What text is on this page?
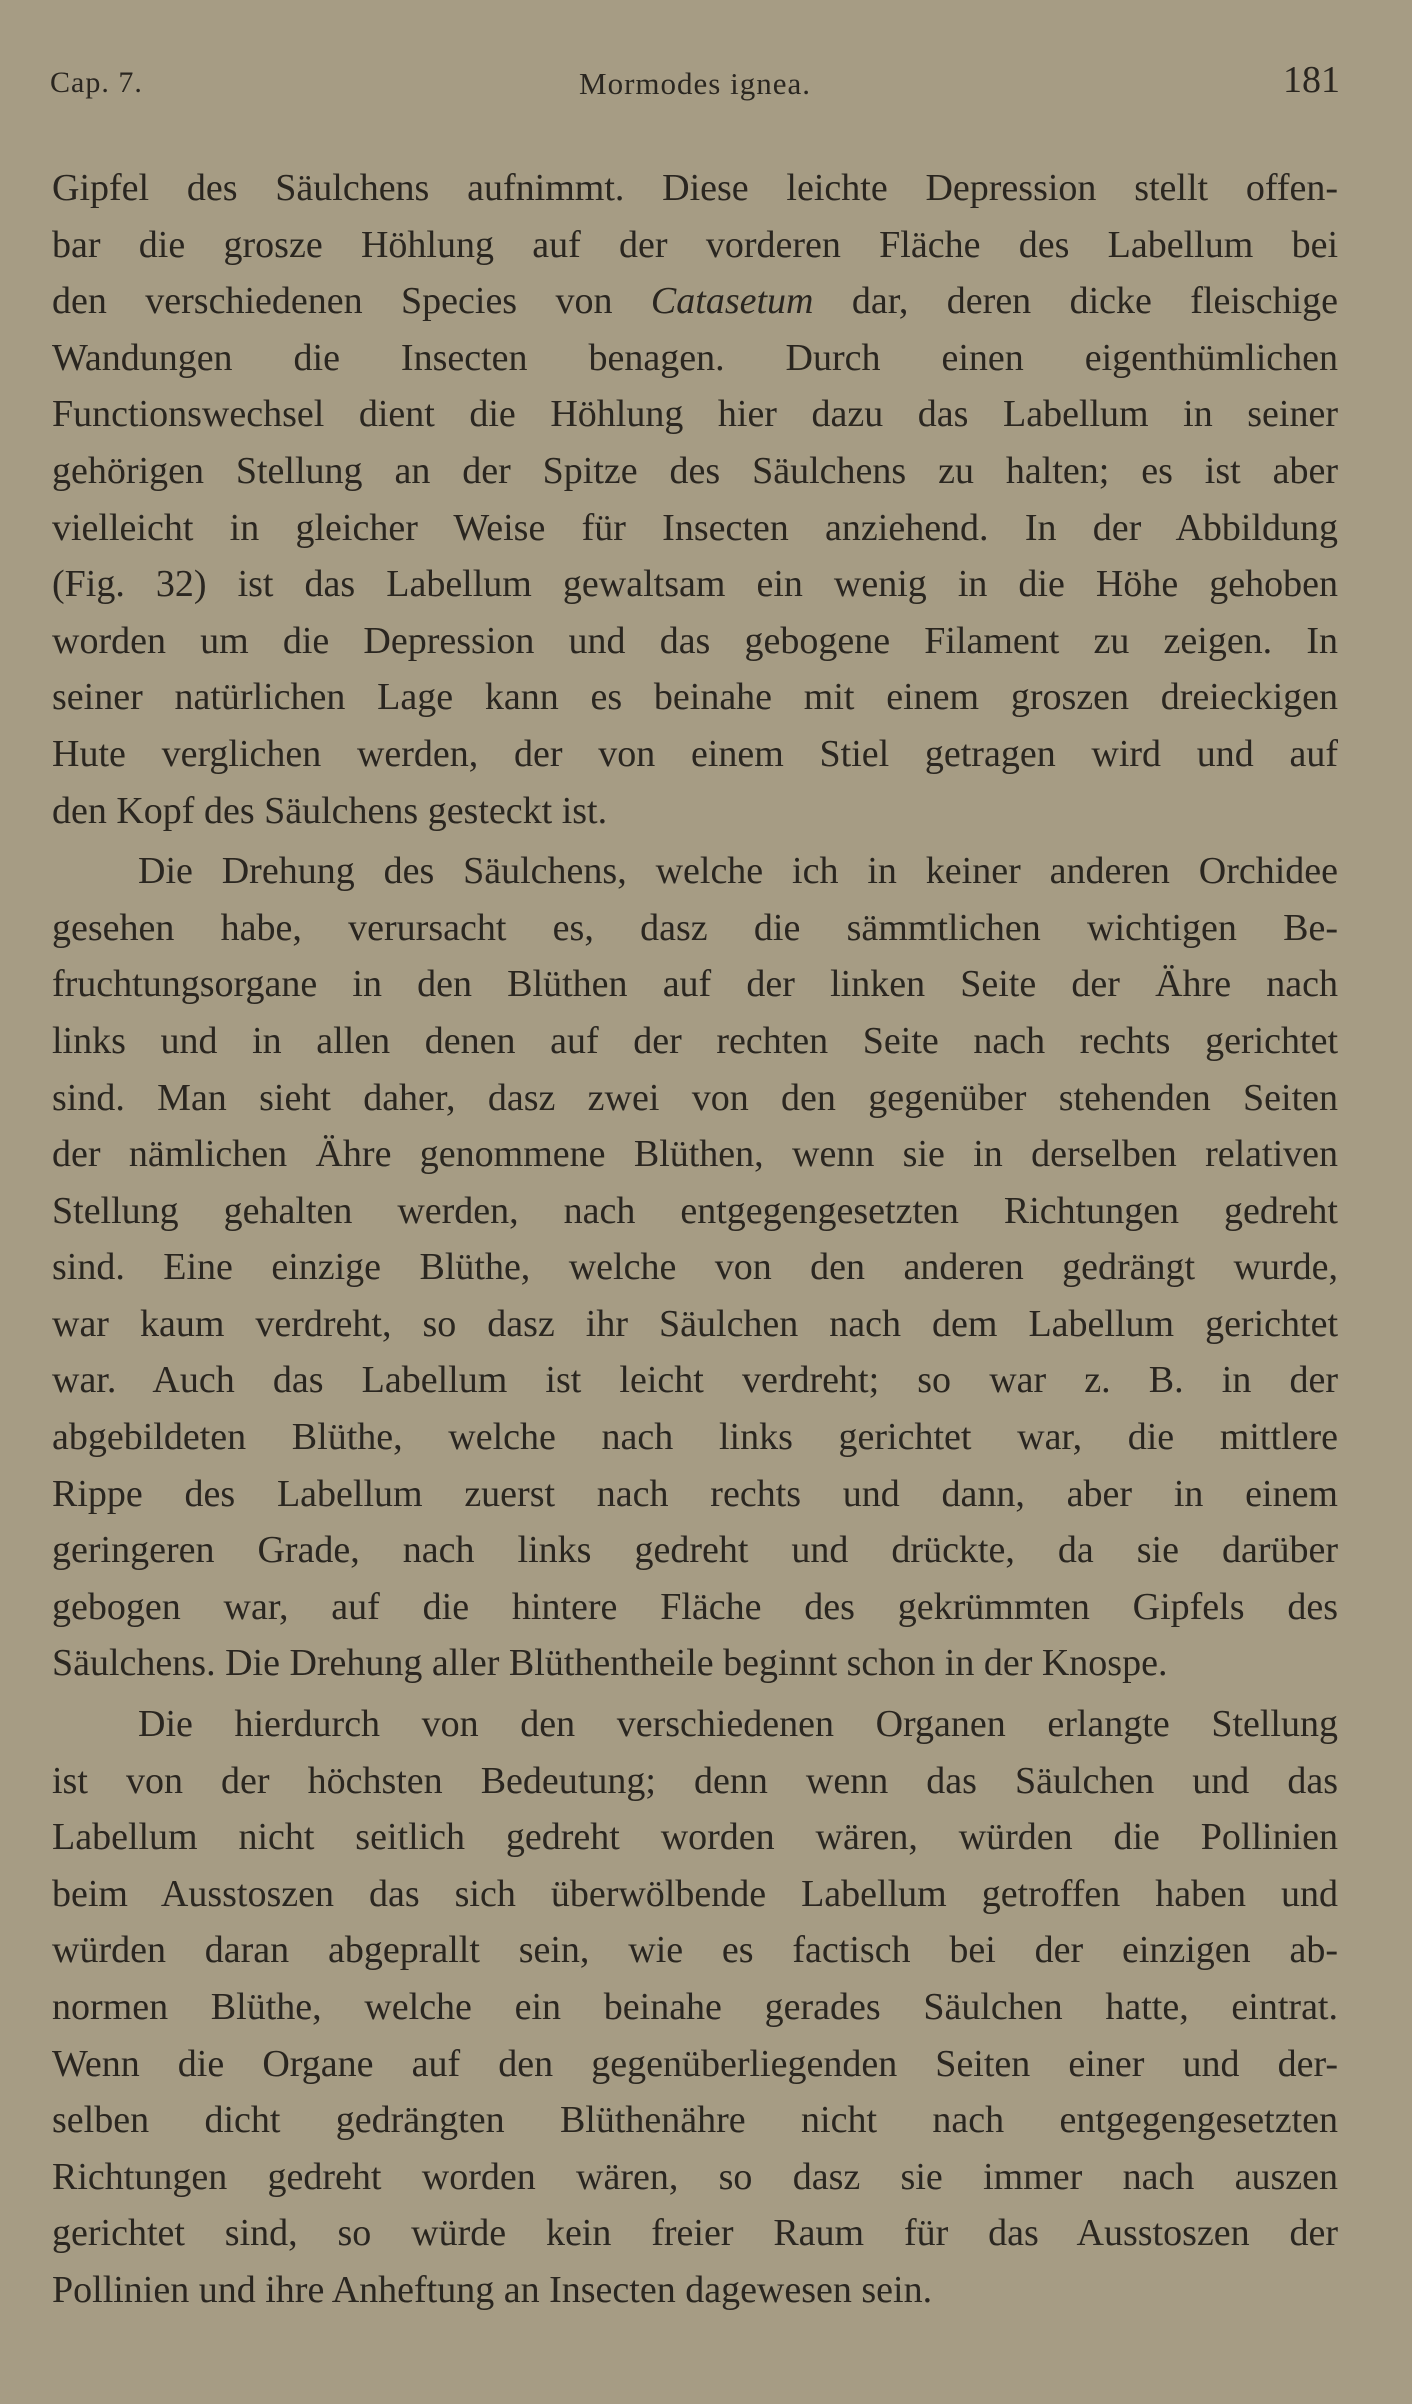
Cap. 7.	Mormodes ignea.	181
Gipfel des Säulchens aufnimmt. Diese leichte Depression stellt offen-
bar die grosze Höhlung auf der vorderen Fläche des Labellum bei
den verschiedenen Species von Catasetum dar, deren dicke fleischige
Wandungen die Insecten benagen. Durch einen eigenthümlichen
Functionswechsel dient die Höhlung hier dazu das Labellum in seiner
gehörigen Stellung an der Spitze des Säulchens zu halten; es ist aber
vielleicht in gleicher Weise für Insecten anziehend. In der Abbildung
(Fig. 32) ist das Labellum gewaltsam ein wenig in die Höhe gehoben
worden um die Depression und das gebogene Filament zu zeigen. In
seiner natürlichen Lage kann es beinahe mit einem groszen dreieckigen
Hute verglichen werden, der von einem Stiel getragen wird und auf
den Kopf des Säulchens gesteckt ist.
Die Drehung des Säulchens, welche ich in keiner anderen Orchidee
gesehen habe, verursacht es, dasz die sämmtlichen wichtigen Be-
fruchtungsorgane in den Blüthen auf der linken Seite der Ähre nach
links und in allen denen auf der rechten Seite nach rechts gerichtet
sind. Man sieht daher, dasz zwei von den gegenüber stehenden Seiten
der nämlichen Ähre genommene Blüthen, wenn sie in derselben relativen
Stellung gehalten werden, nach entgegengesetzten Richtungen gedreht
sind. Eine einzige Blüthe, welche von den anderen gedrängt wurde,
war kaum verdreht, so dasz ihr Säulchen nach dem Labellum gerichtet
war. Auch das Labellum ist leicht verdreht; so war z. B. in der
abgebildeten Blüthe, welche nach links gerichtet war, die mittlere
Rippe des Labellum zuerst nach rechts und dann, aber in einem
geringeren Grade, nach links gedreht und drückte, da sie darüber
gebogen war, auf die hintere Fläche des gekrümmten Gipfels des
Säulchens. Die Drehung aller Blüthentheile beginnt schon in der Knospe.
Die hierdurch von den verschiedenen Organen erlangte Stellung
ist von der höchsten Bedeutung; denn wenn das Säulchen und das
Labellum nicht seitlich gedreht worden wären, würden die Pollinien
beim Ausstoszen das sich überwölbende Labellum getroffen haben und
würden daran abgeprallt sein, wie es factisch bei der einzigen ab-
normen Blüthe, welche ein beinahe gerades Säulchen hatte, eintrat.
Wenn die Organe auf den gegenüberliegenden Seiten einer und der-
selben dicht gedrängten Blüthenähre nicht nach entgegengesetzten
Richtungen gedreht worden wären, so dasz sie immer nach auszen
gerichtet sind, so würde kein freier Raum für das Ausstoszen der
Pollinien und ihre Anheftung an Insecten dagewesen sein.
